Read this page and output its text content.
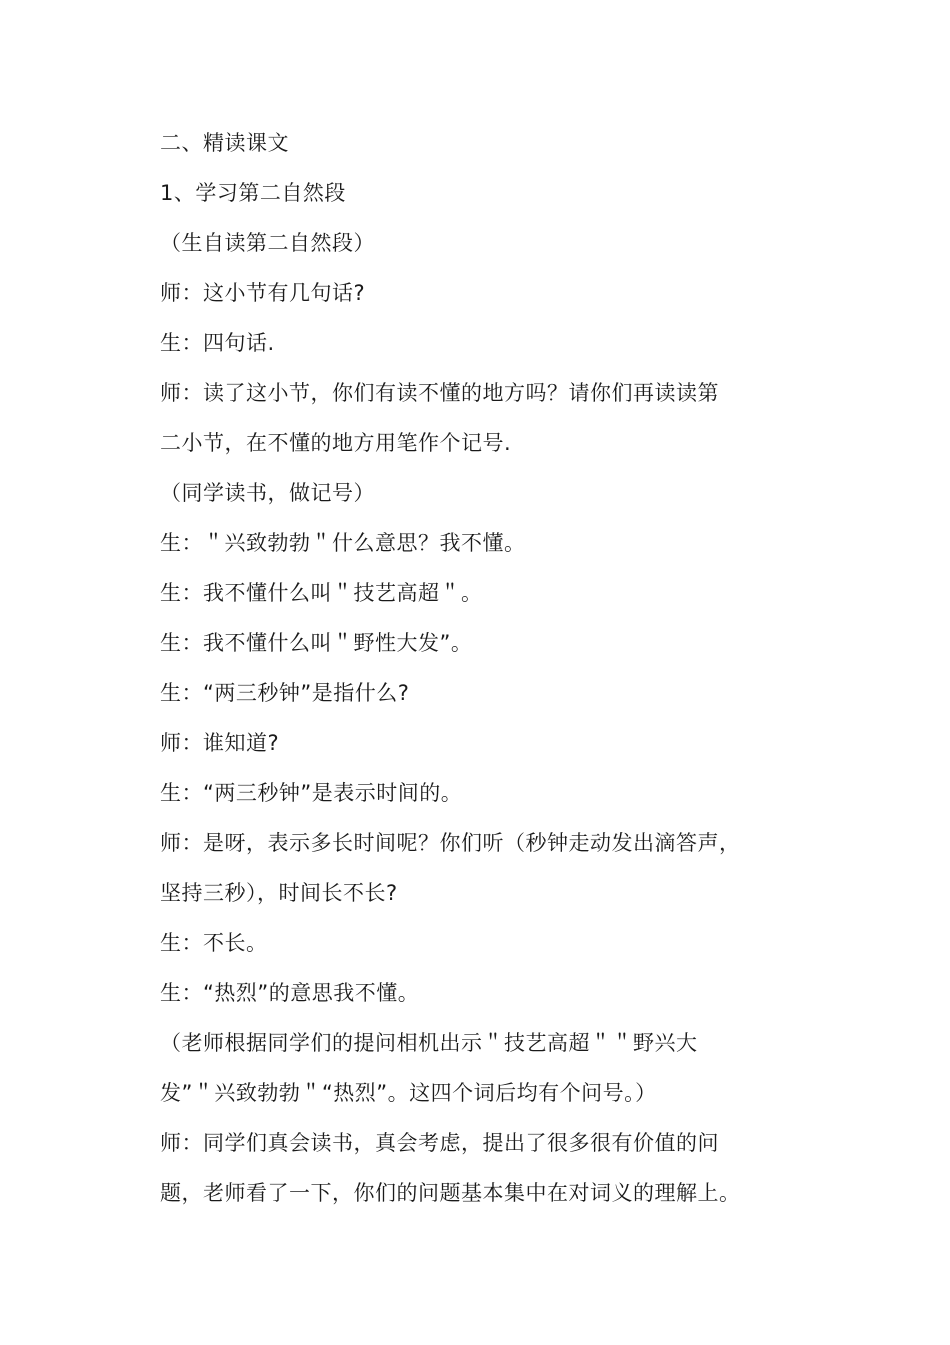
二、精读课文
1、学习第二自然段
（生自读第二自然段）
师：这小节有几句话?
生：四句话.
师：读了这小节，你们有读不懂的地方吗？请你们再读读第
二小节，在不懂的地方用笔作个记号.
（同学读书，做记号）
生：＂兴致勃勃＂什么意思？我不懂。
生：我不懂什么叫＂技艺高超＂。
生：我不懂什么叫＂野性大发”。
生：“两三秒钟”是指什么?
师：谁知道?
生：“两三秒钟”是表示时间的。
师：是呀，表示多长时间呢？你们听（秒钟走动发出滴答声，
坚持三秒），时间长不长?
生：不长。
生：“热烈”的意思我不懂。
（老师根据同学们的提问相机出示＂技艺高超＂＂野兴大
发”＂兴致勃勃＂“热烈”。这四个词后均有个问号。）
师：同学们真会读书，真会考虑，提出了很多很有价值的问
题，老师看了一下，你们的问题基本集中在对词义的理解上。
